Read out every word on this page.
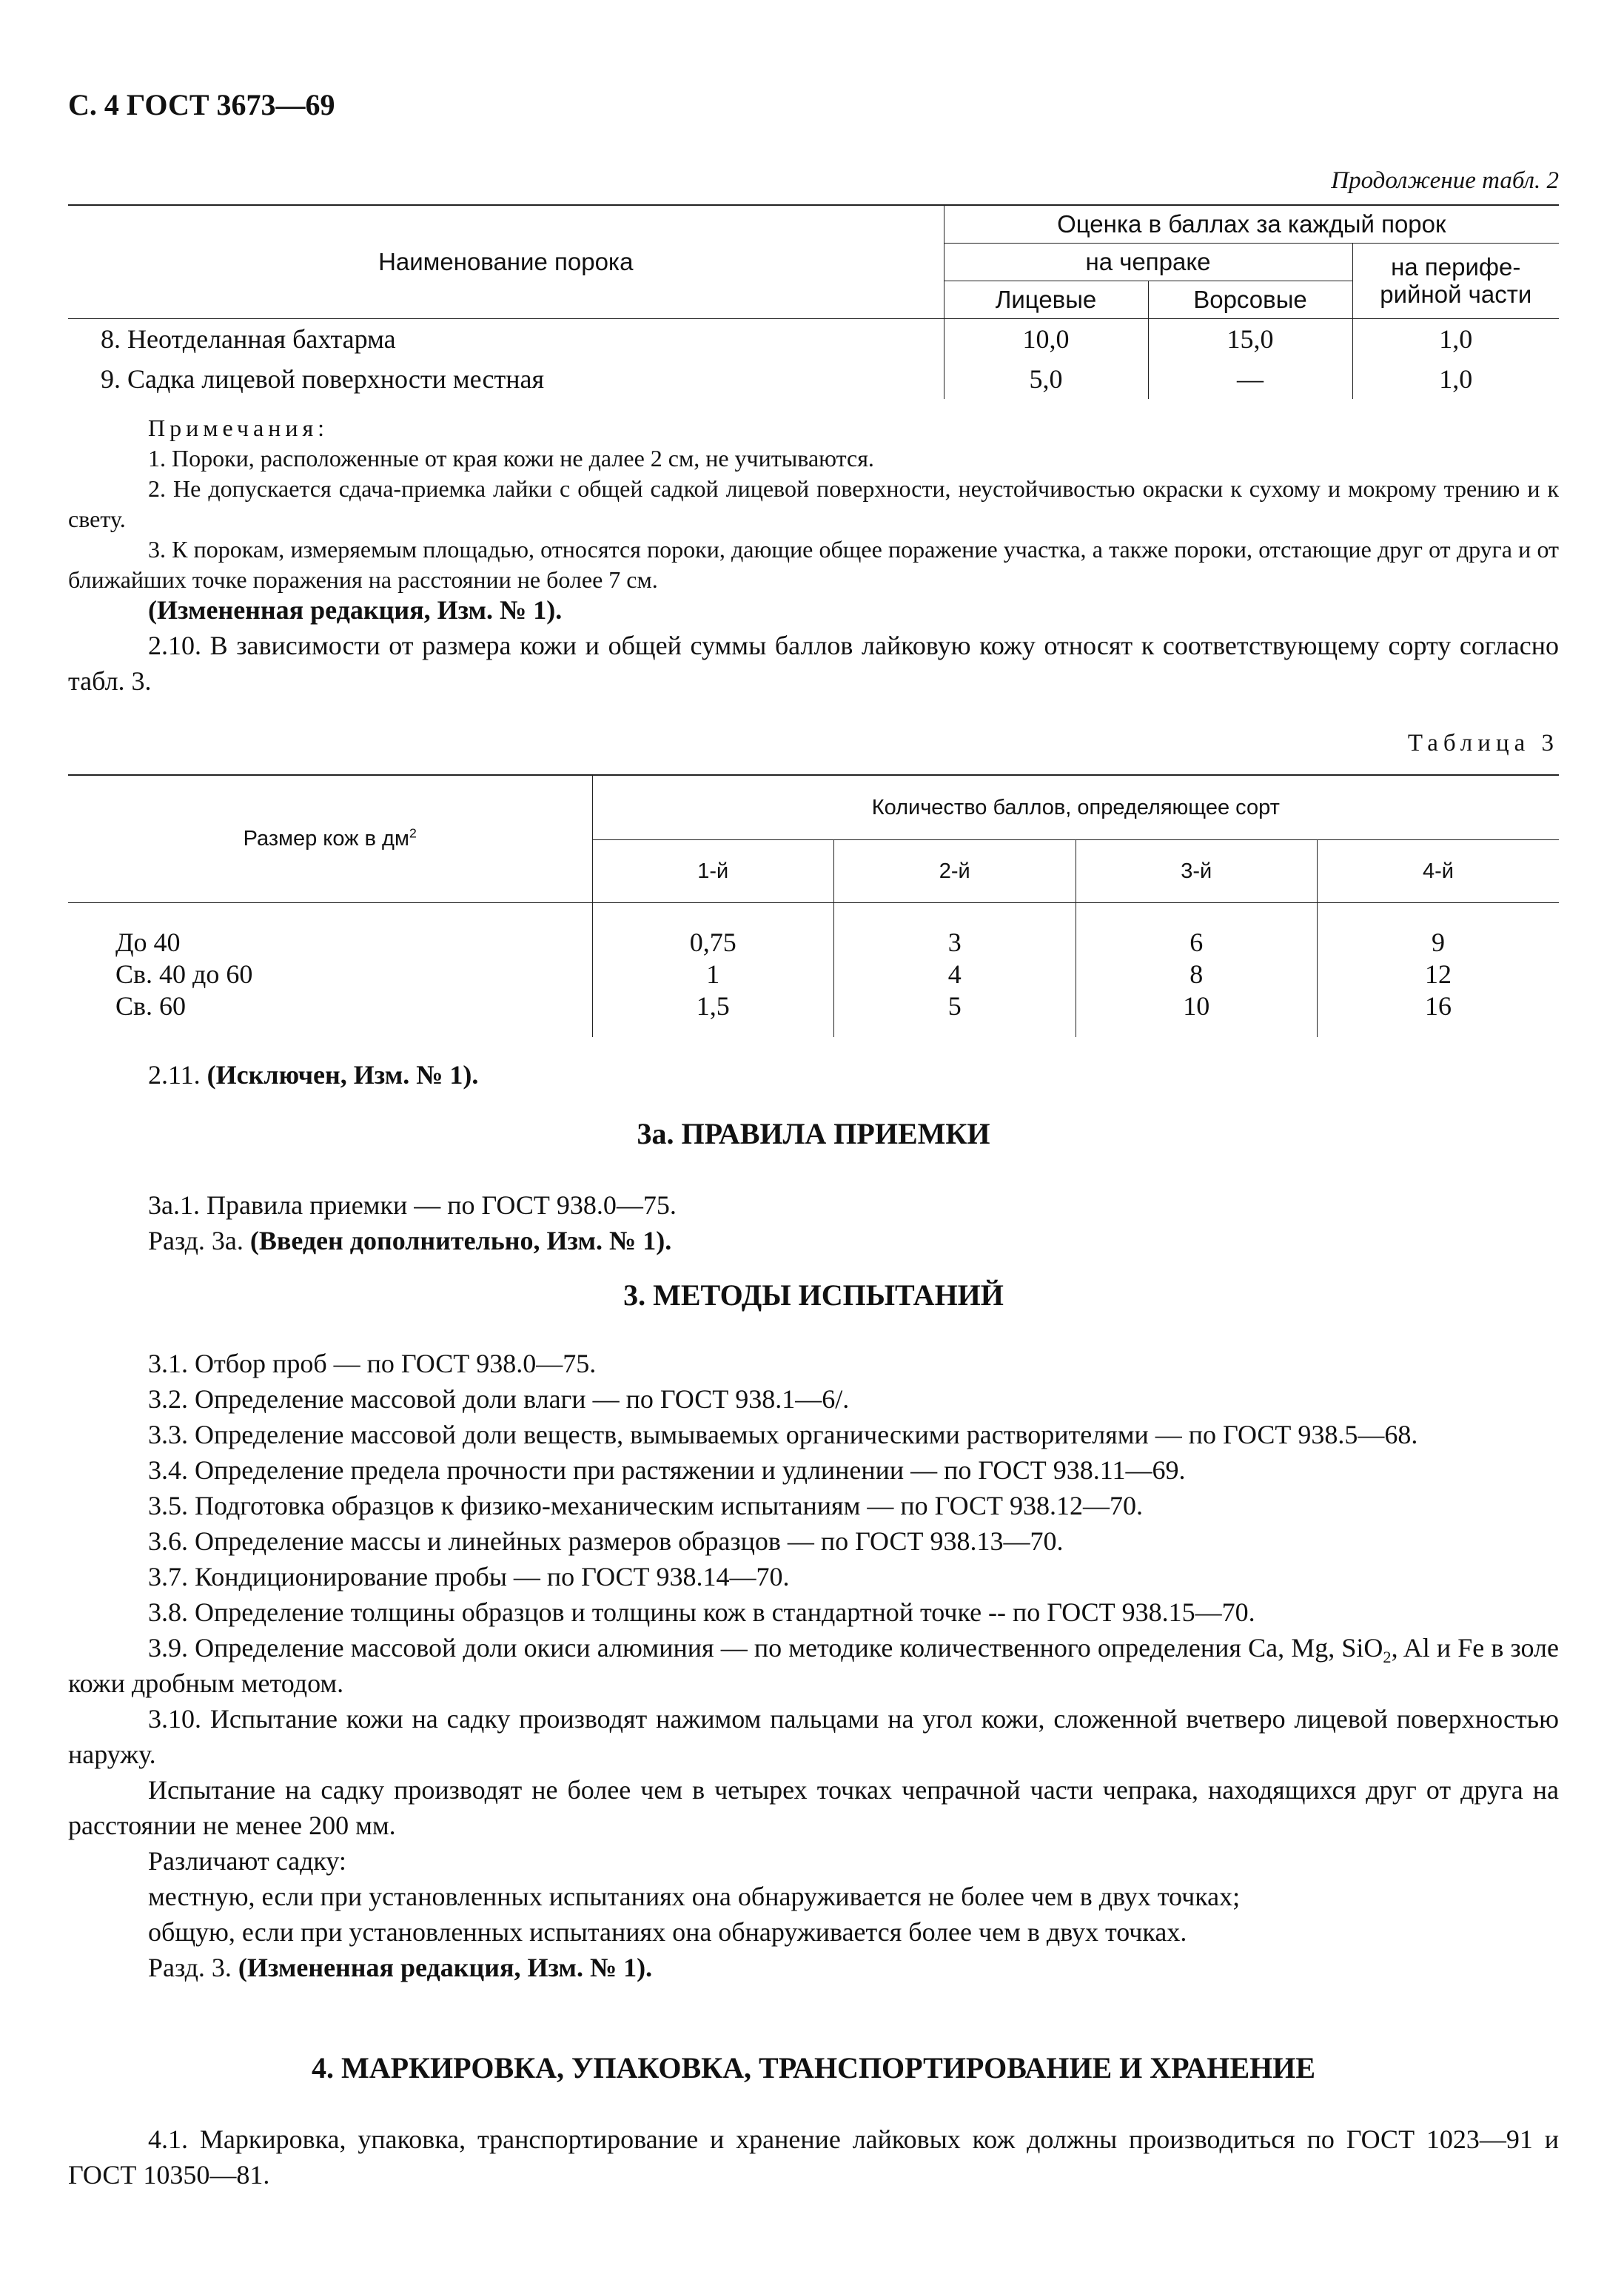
С. 4 ГОСТ 3673—69
Продолжение табл. 2
Наименование порока	Оценка в баллах за каждый порок		
	на чепраке		на перифе-
рийной части

	Лицевые	Ворсовые	
8. Неотделанная бахтарма	10,0	15,0	1,0
9. Садка лицевой поверхности местная	5,0	—	1,0

Примечания:

1. Пороки, расположенные от края кожи не далее 2 см, не учитываются.

2. Не допускается сдача-приемка лайки с общей садкой лицевой поверхности, неустойчивостью окраски к сухому и мокрому трению и к свету.

3. К порокам, измеряемым площадью, относятся пороки, дающие общее поражение участка, а также пороки, отстающие друг от друга и от ближайших точке поражения на расстоянии не более 7 см.

(Измененная редакция, Изм. № 1).

2.10. В зависимости от размера кожи и общей суммы баллов лайковую кожу относят к соответствующему сорту согласно табл. 3.

Таблица 3
Размер кож в $дм^2$	Количество баллов, определяющее сорт			
	1-й	2-й	3-й	4-й
До 40	0,75	3	6	9
Св. 40 до 60	1	4	8	12
Св. 60	1,5	5	10	16

2.11. (Исключен, Изм. № 1).

3а. ПРАВИЛА ПРИЕМКИ

3а.1. Правила приемки — по ГОСТ 938.0—75.

Разд. 3а. (Введен дополнительно, Изм. № 1).

3. МЕТОДЫ ИСПЫТАНИЙ

3.1. Отбор проб — по ГОСТ 938.0—75.

3.2. Определение массовой доли влаги — по ГОСТ 938.1—6/.

3.3. Определение массовой доли веществ, вымываемых органическими растворителями — по ГОСТ 938.5—68.

3.4. Определение предела прочности при растяжении и удлинении — по ГОСТ 938.11—69.

3.5. Подготовка образцов к физико-механическим испытаниям — по ГОСТ 938.12—70.

3.6. Определение массы и линейных размеров образцов — по ГОСТ 938.13—70.

3.7. Кондиционирование пробы — по ГОСТ 938.14—70.

3.8. Определение толщины образцов и толщины кож в стандартной точке -- по ГОСТ 938.15—70.

3.9. Определение массовой доли окиси алюминия — по методике количественного определения Ca, Mg, SiO$_2$, Al и Fe в золе кожи дробным методом.

3.10. Испытание кожи на садку производят нажимом пальцами на угол кожи, сложенной вчетверо лицевой поверхностью наружу.

Испытание на садку производят не более чем в четырех точках чепрачной части чепрака, находящихся друг от друга на расстоянии не менее 200 мм.

Различают садку:

местную, если при установленных испытаниях она обнаруживается не более чем в двух точках;

общую, если при установленных испытаниях она обнаруживается более чем в двух точках.

Разд. 3. (Измененная редакция, Изм. № 1).

4. МАРКИРОВКА, УПАКОВКА, ТРАНСПОРТИРОВАНИЕ И ХРАНЕНИЕ

4.1. Маркировка, упаковка, транспортирование и хранение лайковых кож должны производиться по ГОСТ 1023—91 и ГОСТ 10350—81.
